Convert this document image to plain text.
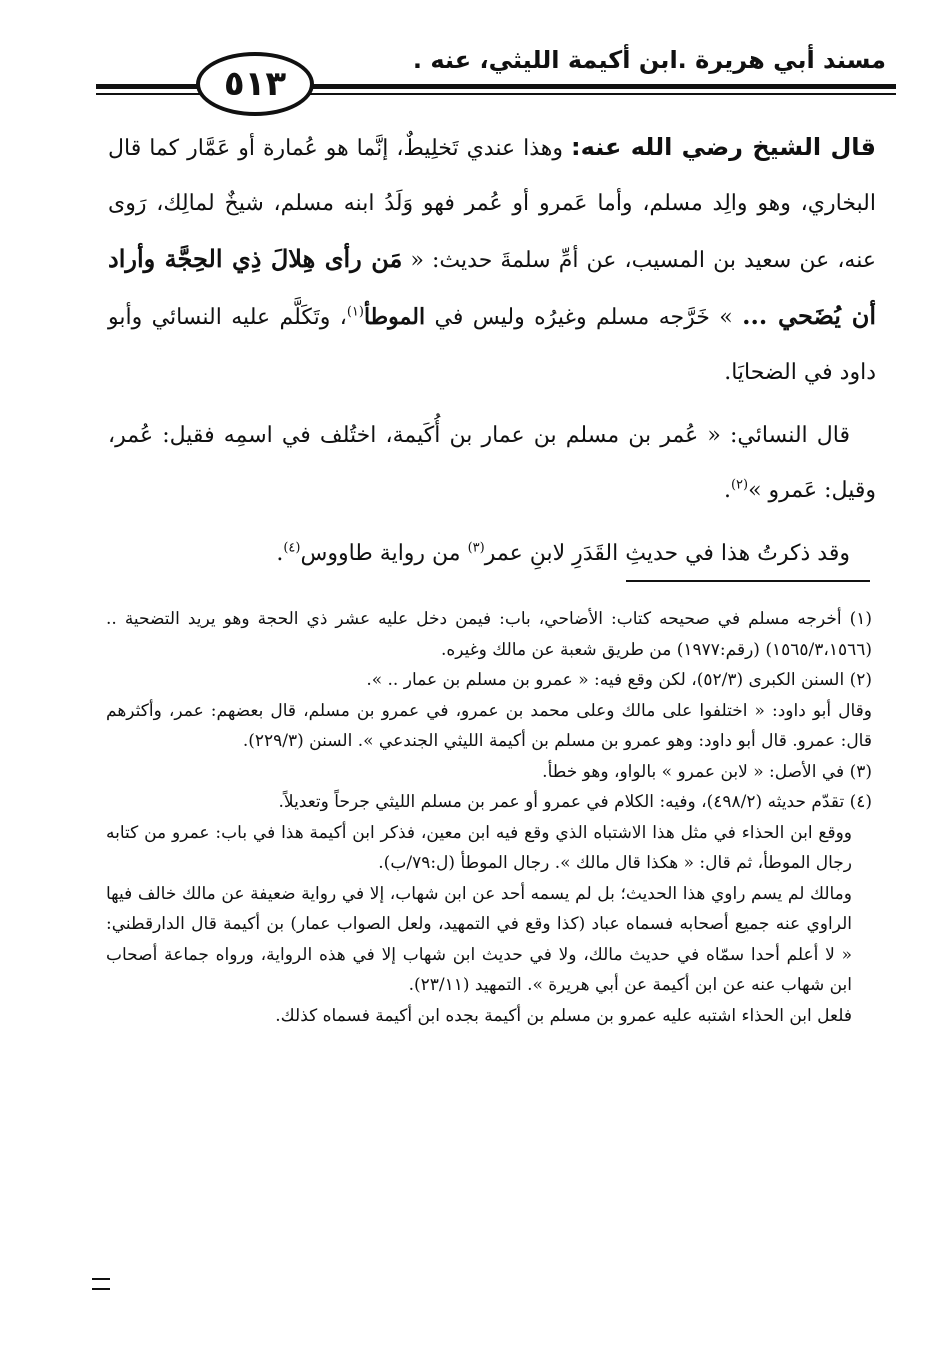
مسند أبي هريرة .ابن أكيمة الليثي، عنه .
٥١٣

قال الشيخ رضي الله عنه: وهذا عندي تَخلِيطٌ، إنَّما هو عُمارة أو عَمَّار كما قال البخاري، وهو والِد مسلم، وأما عَمرو أو عُمر فهو وَلَدُ ابنه مسلم، شيخٌ لمالِك، رَوى عنه، عن سعيد بن المسيب، عن أمِّ سلمةَ حديث: « مَن رأى هِلالَ ذِي الحِجَّة وأراد أن يُضَحي ... » خَرَّجه مسلم وغيرُه وليس في الموطأ$^{(١)}$، وتَكَلَّم عليه النسائي وأبو داود في الضحايَا.

قال النسائي: « عُمر بن مسلم بن عمار بن أُكَيمة، اختُلف في اسمِه فقيل: عُمر، وقيل: عَمرو »$^{(٢)}$.

وقد ذكرتُ هذا في حديثِ القَدَرِ لابنِ عمر$^{(٣)}$ من رواية طاووس$^{(٤)}$.

(١) أخرجه مسلم في صحيحه كتاب: الأضاحي، باب: فيمن دخل عليه عشر ذي الحجة وهو يريد التضحية .. (١٥٦٥/٣،١٥٦٦) (رقم:١٩٧٧) من طريق شعبة عن مالك وغيره.

(٢) السنن الكبرى (٥٢/٣)، لكن وقع فيه: « عمرو بن مسلم بن عمار .. ».

وقال أبو داود: « اختلفوا على مالك وعلى محمد بن عمرو، في عمرو بن مسلم، قال بعضهم: عمر، وأكثرهم قال: عمرو. قال أبو داود: وهو عمرو بن مسلم بن أكيمة الليثي الجندعي ». السنن (٢٢٩/٣).

(٣) في الأصل: « لابن عمرو » بالواو، وهو خطأ.

(٤) تقدّم حديثه (٤٩٨/٢)، وفيه: الكلام في عمرو أو عمر بن مسلم الليثي جرحاً وتعديلاً.

ووقع ابن الحذاء في مثل هذا الاشتباه الذي وقع فيه ابن معين، فذكر ابن أكيمة هذا في باب: عمرو من كتابه رجال الموطأ، ثم قال: « هكذا قال مالك ». رجال الموطأ (ل:٧٩/ب).

ومالك لم يسم راوي هذا الحديث؛ بل لم يسمه أحد عن ابن شهاب، إلا في رواية ضعيفة عن مالك خالف فيها الراوي عنه جميع أصحابه فسماه عباد (كذا وقع في التمهيد، ولعل الصواب عمار) بن أكيمة قال الدارقطني: « لا أعلم أحدا سمّاه في حديث مالك، ولا في حديث ابن شهاب إلا في هذه الرواية، ورواه جماعة أصحاب ابن شهاب عنه عن ابن أكيمة عن أبي هريرة ». التمهيد (٢٣/١١).

فلعل ابن الحذاء اشتبه عليه عمرو بن مسلم بن أكيمة بجده ابن أكيمة فسماه كذلك.
